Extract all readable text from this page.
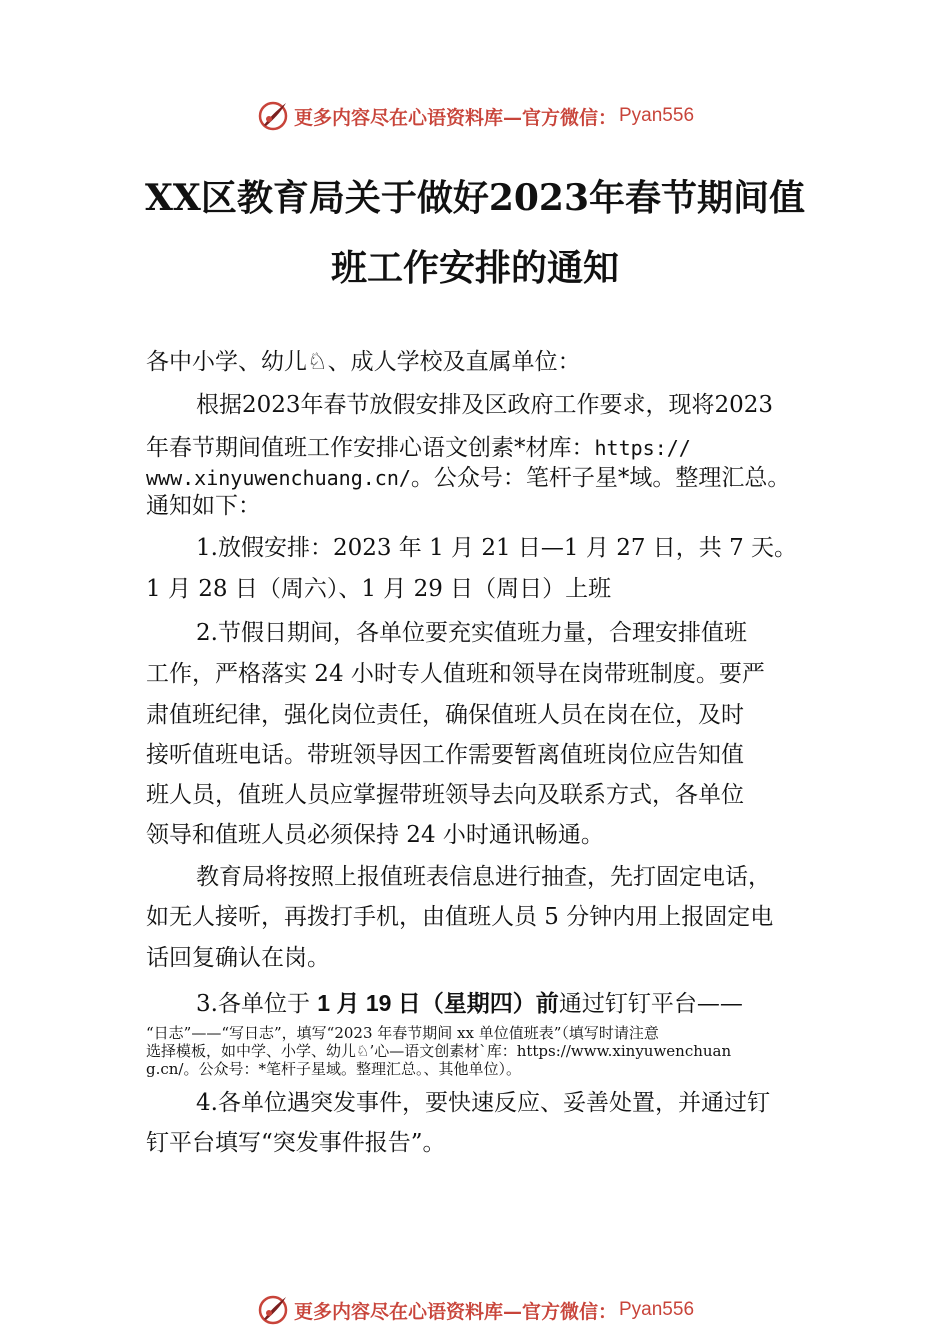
更多内容尽在心语资料库—官方微信： Pyan556
XX区教育局关于做好2023年春节期间值
班工作安排的通知
各中小学、幼儿♘、成人学校及直属单位：
根据2023年春节放假安排及区政府工作要求，现将2023
年春节期间值班工作安排心语文创素*材库：https://
www.xinyuwenchuang.cn/。公众号：笔杆子星*域。整理汇总。
通知如下：
1.放假安排：2023 年 1 月 21 日—1 月 27 日，共 7 天。
1 月 28 日（周六）、1 月 29 日（周日）上班
2.节假日期间，各单位要充实值班力量，合理安排值班
工作，严格落实 24 小时专人值班和领导在岗带班制度。要严
肃值班纪律，强化岗位责任，确保值班人员在岗在位，及时
接听值班电话。带班领导因工作需要暂离值班岗位应告知值
班人员，值班人员应掌握带班领导去向及联系方式，各单位
领导和值班人员必须保持 24 小时通讯畅通。
教育局将按照上报值班表信息进行抽查，先打固定电话，
如无人接听，再拨打手机，由值班人员 5 分钟内用上报固定电
话回复确认在岗。
3.各单位于 1 月 19 日（星期四）前通过钉钉平台——
“日志”——“写日志”，填写“2023 年春节期间 xx 单位值班表”（填写时请注意
选择模板，如中学、小学、幼儿♘’心—语文创素材`库：https://www.xinyuwenchuan
g.cn/。公众号：*笔杆子星域。整理汇总。、其他单位）。
4.各单位遇突发事件，要快速反应、妥善处置，并通过钉
钉平台填写“突发事件报告”。
更多内容尽在心语资料库—官方微信： Pyan556
